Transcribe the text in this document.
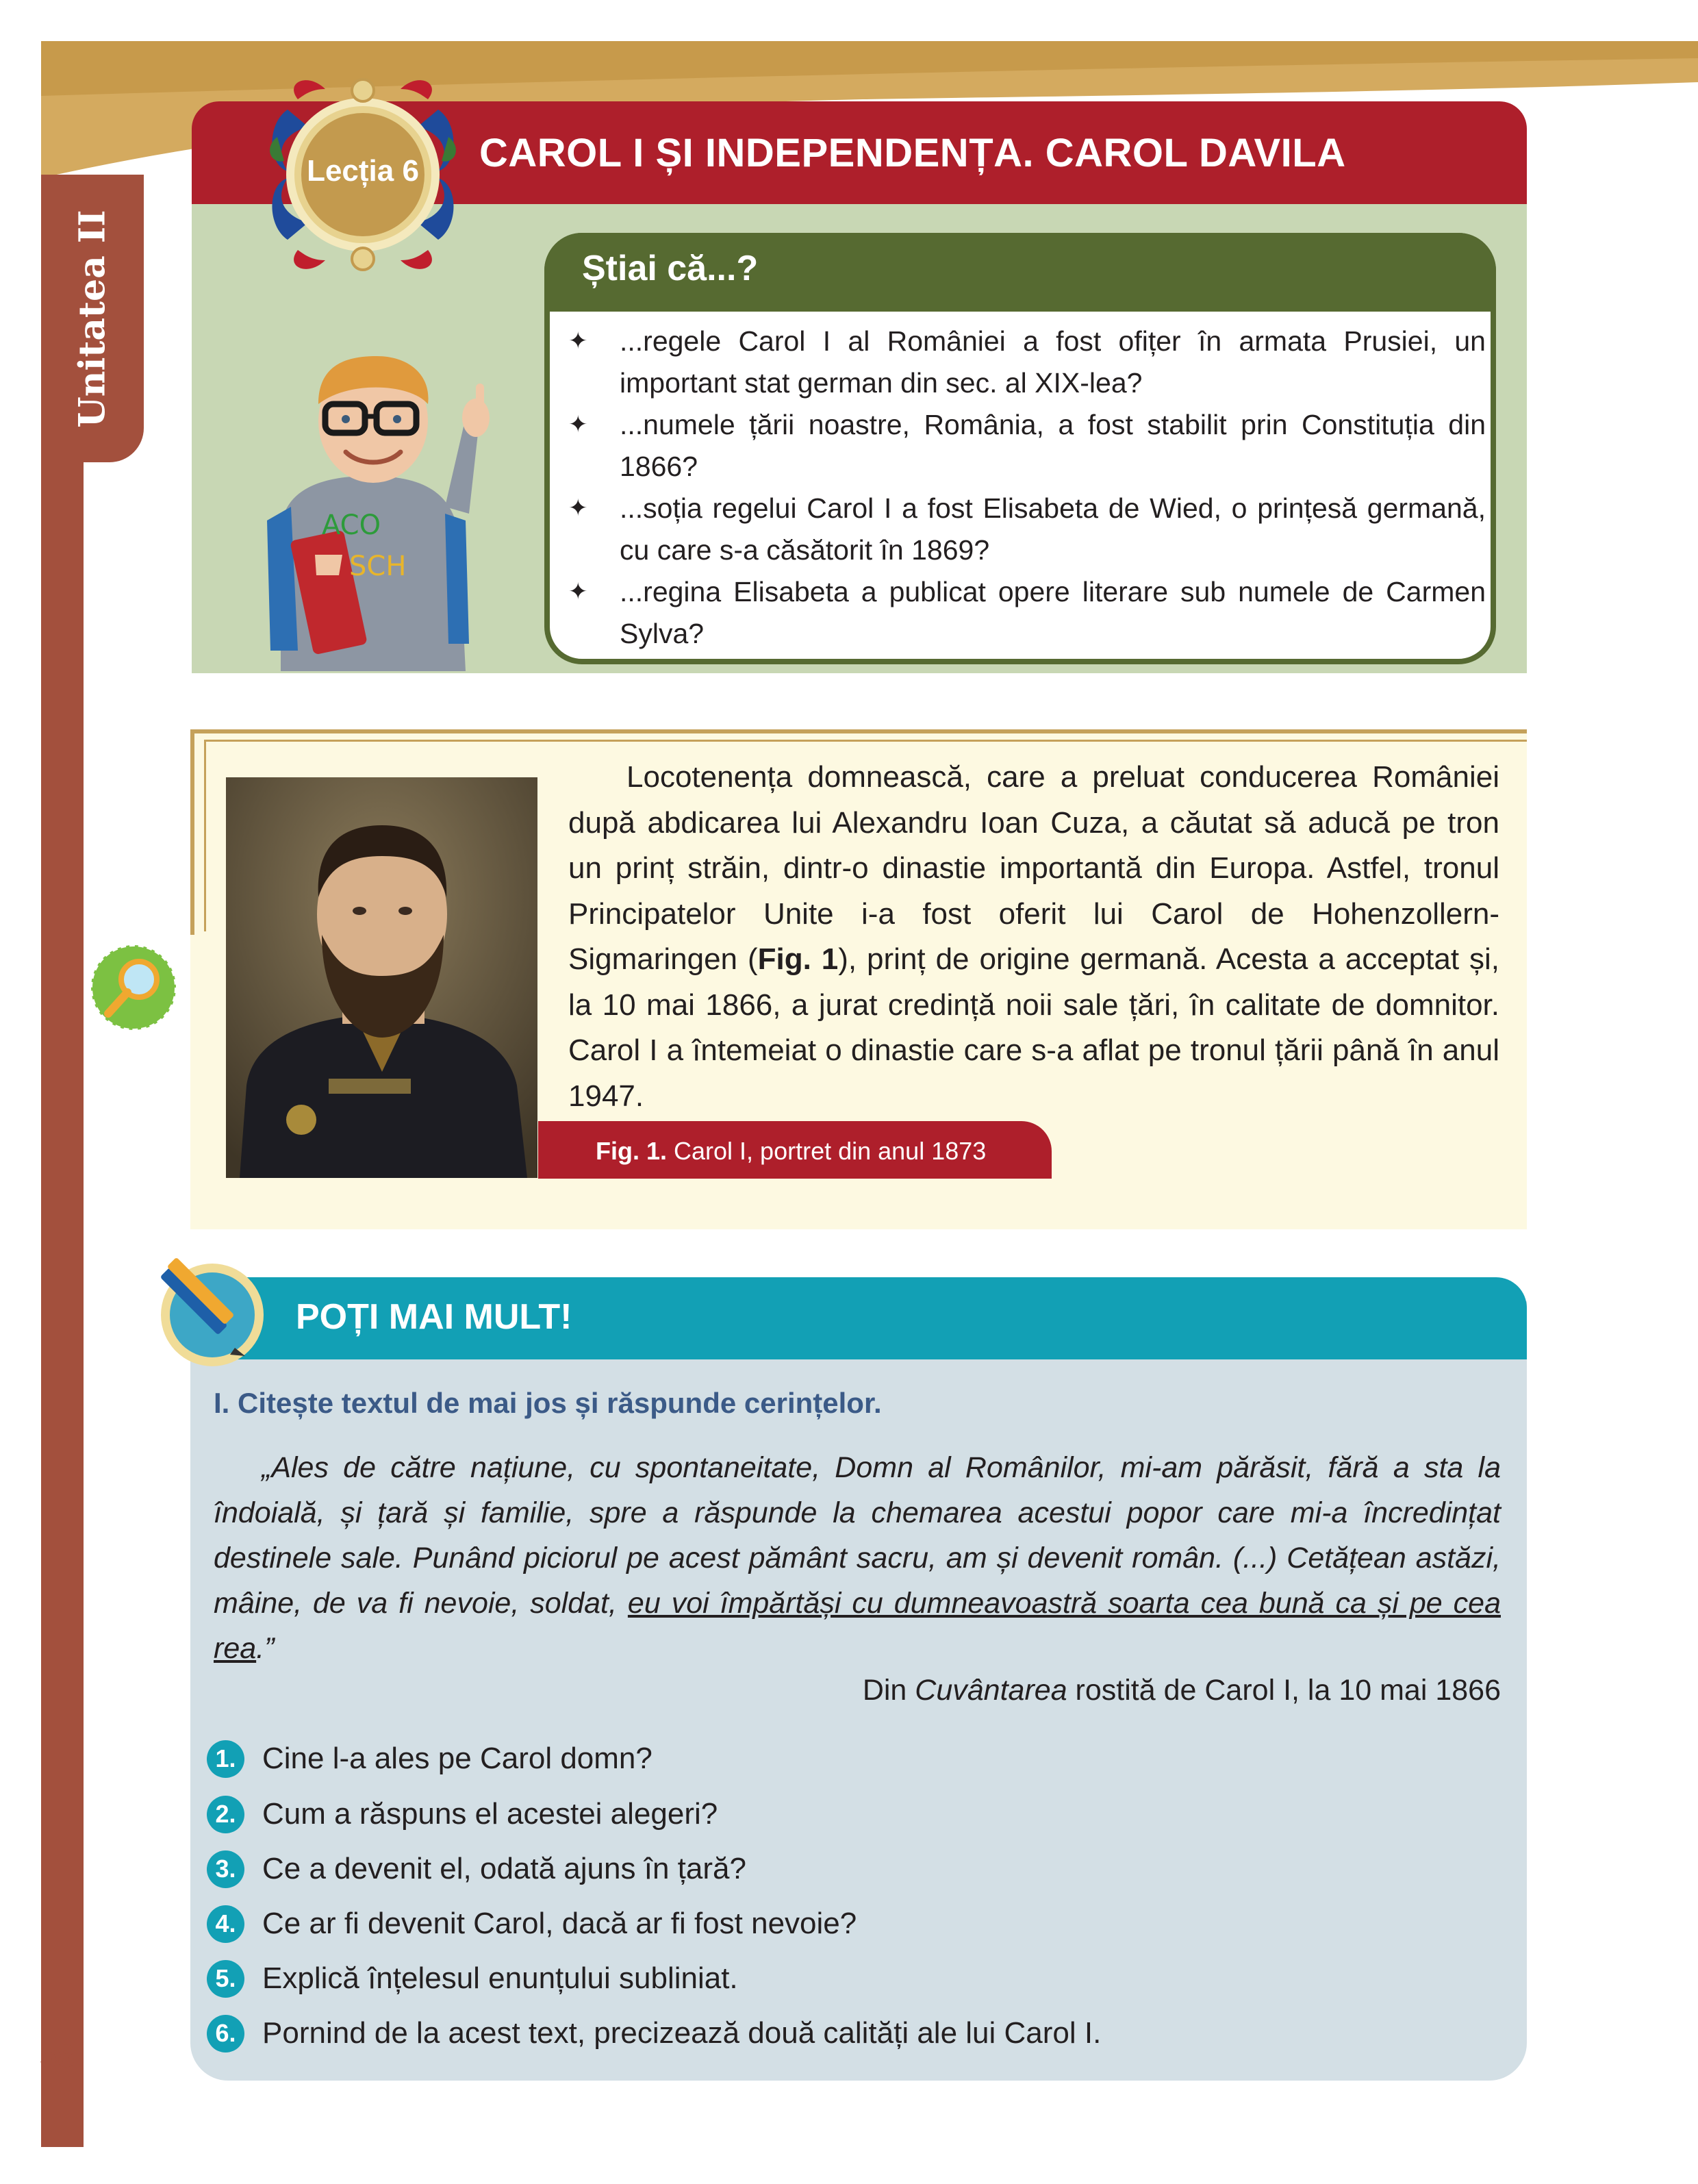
Unitatea II
58
Lecția 6 CAROL I ȘI INDEPENDENȚA. CAROL DAVILA
ACO
SCH
Știai că...?
✦	...regele Carol I al României a fost ofițer în armata Prusiei, un important stat german din sec. al XIX-lea?
✦	...numele țării noastre, România, a fost stabilit prin Constituția din 1866?
✦	...soția regelui Carol I a fost Elisabeta de Wied, o prințesă germană, cu care s-a căsătorit în 1869?
✦	...regina Elisabeta a publicat opere literare sub numele de Carmen Sylva?
Locotenența domnească, care a preluat conducerea României după abdicarea lui Alexandru Ioan Cuza, a căutat să aducă pe tron un prinț străin, dintr-o dinastie importantă din Europa. Astfel, tronul Principatelor Unite i-a fost oferit lui Carol de Hohenzollern-Sigmaringen (Fig. 1), prinț de origine germană. Acesta a acceptat și, la 10 mai 1866, a jurat credință noii sale țări, în calitate de domnitor. Carol I a întemeiat o dinastie care s-a aflat pe tronul țării până în anul 1947.
Fig. 1. Carol I, portret din anul 1873
POȚI MAI MULT!
I. Citește textul de mai jos și răspunde cerințelor.
„Ales de către națiune, cu spontaneitate, Domn al Românilor, mi-am părăsit, fără a sta la îndoială, și țară și familie, spre a răspunde la chemarea acestui popor care mi-a încredințat destinele sale. Punând piciorul pe acest pământ sacru, am și devenit român. (...) Cetățean astăzi, mâine, de va fi nevoie, soldat, eu voi împărtăși cu dumneavoastră soarta cea bună ca și pe cea rea.”
Din Cuvântarea rostită de Carol I, la 10 mai 1866
1. Cine l-a ales pe Carol domn?
2. Cum a răspuns el acestei alegeri?
3. Ce a devenit el, odată ajuns în țară?
4. Ce ar fi devenit Carol, dacă ar fi fost nevoie?
5. Explică înțelesul enunțului subliniat.
6. Pornind de la acest text, precizează două calități ale lui Carol I.
